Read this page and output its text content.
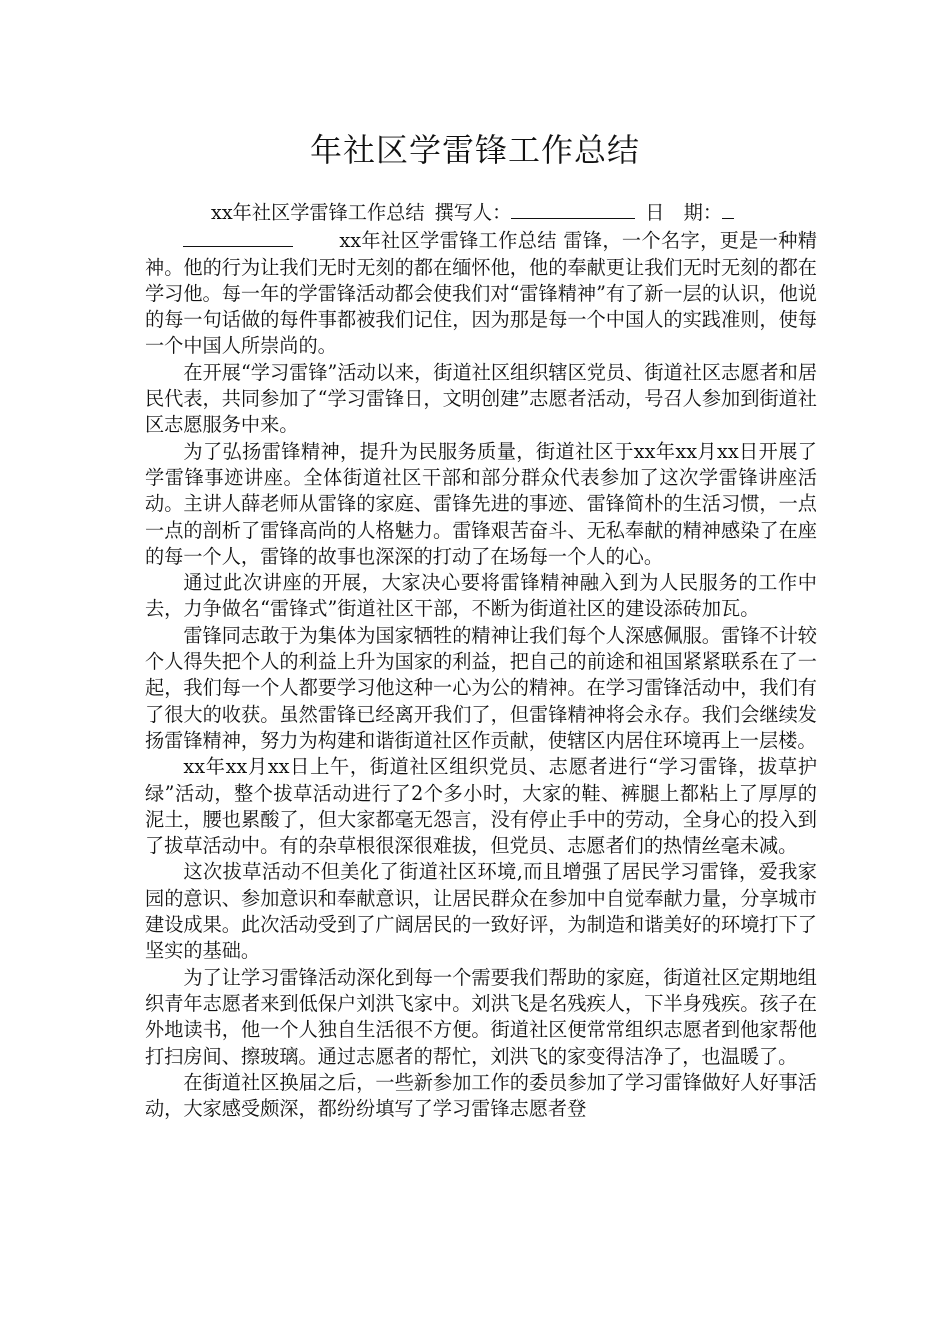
年社区学雷锋工作总结
xx年社区学雷锋工作总结 撰写人：	日　期：

xx年社区学雷锋工作总结 雷锋，一个名字，更是一种精神。他的行为让我们无时无刻的都在缅怀他，他的奉献更让我们无时无刻的都在学习他。每一年的学雷锋活动都会使我们对“雷锋精神”有了新一层的认识，他说的每一句话做的每件事都被我们记住，因为那是每一个中国人的实践准则，使每一个中国人所崇尚的。

在开展“学习雷锋”活动以来，街道社区组织辖区党员、街道社区志愿者和居民代表，共同参加了“学习雷锋日，文明创建”志愿者活动，号召人参加到街道社区志愿服务中来。

为了弘扬雷锋精神，提升为民服务质量，街道社区于xx年xx月xx日开展了学雷锋事迹讲座。全体街道社区干部和部分群众代表参加了这次学雷锋讲座活动。主讲人薛老师从雷锋的家庭、雷锋先进的事迹、雷锋简朴的生活习惯，一点一点的剖析了雷锋高尚的人格魅力。雷锋艰苦奋斗、无私奉献的精神感染了在座的每一个人，雷锋的故事也深深的打动了在场每一个人的心。

通过此次讲座的开展，大家决心要将雷锋精神融入到为人民服务的工作中去，力争做名“雷锋式”街道社区干部，不断为街道社区的建设添砖加瓦。

雷锋同志敢于为集体为国家牺牲的精神让我们每个人深感佩服。雷锋不计较个人得失把个人的利益上升为国家的利益，把自己的前途和祖国紧紧联系在了一起，我们每一个人都要学习他这种一心为公的精神。在学习雷锋活动中，我们有了很大的收获。虽然雷锋已经离开我们了，但雷锋精神将会永存。我们会继续发扬雷锋精神，努力为构建和谐街道社区作贡献，使辖区内居住环境再上一层楼。

xx年xx月xx日上午，街道社区组织党员、志愿者进行“学习雷锋，拔草护绿”活动，整个拔草活动进行了2个多小时，大家的鞋、裤腿上都粘上了厚厚的泥土，腰也累酸了，但大家都毫无怨言，没有停止手中的劳动，全身心的投入到了拔草活动中。有的杂草根很深很难拔，但党员、志愿者们的热情丝毫未减。

这次拔草活动不但美化了街道社区环境,而且增强了居民学习雷锋，爱我家园的意识、参加意识和奉献意识，让居民群众在参加中自觉奉献力量，分享城市建设成果。此次活动受到了广阔居民的一致好评，为制造和谐美好的环境打下了坚实的基础。

为了让学习雷锋活动深化到每一个需要我们帮助的家庭，街道社区定期地组织青年志愿者来到低保户刘洪飞家中。刘洪飞是名残疾人，下半身残疾。孩子在外地读书，他一个人独自生活很不方便。街道社区便常常组织志愿者到他家帮他打扫房间、擦玻璃。通过志愿者的帮忙，刘洪飞的家变得洁净了，也温暖了。

在街道社区换届之后，一些新参加工作的委员参加了学习雷锋做好人好事活动，大家感受颇深，都纷纷填写了学习雷锋志愿者登
